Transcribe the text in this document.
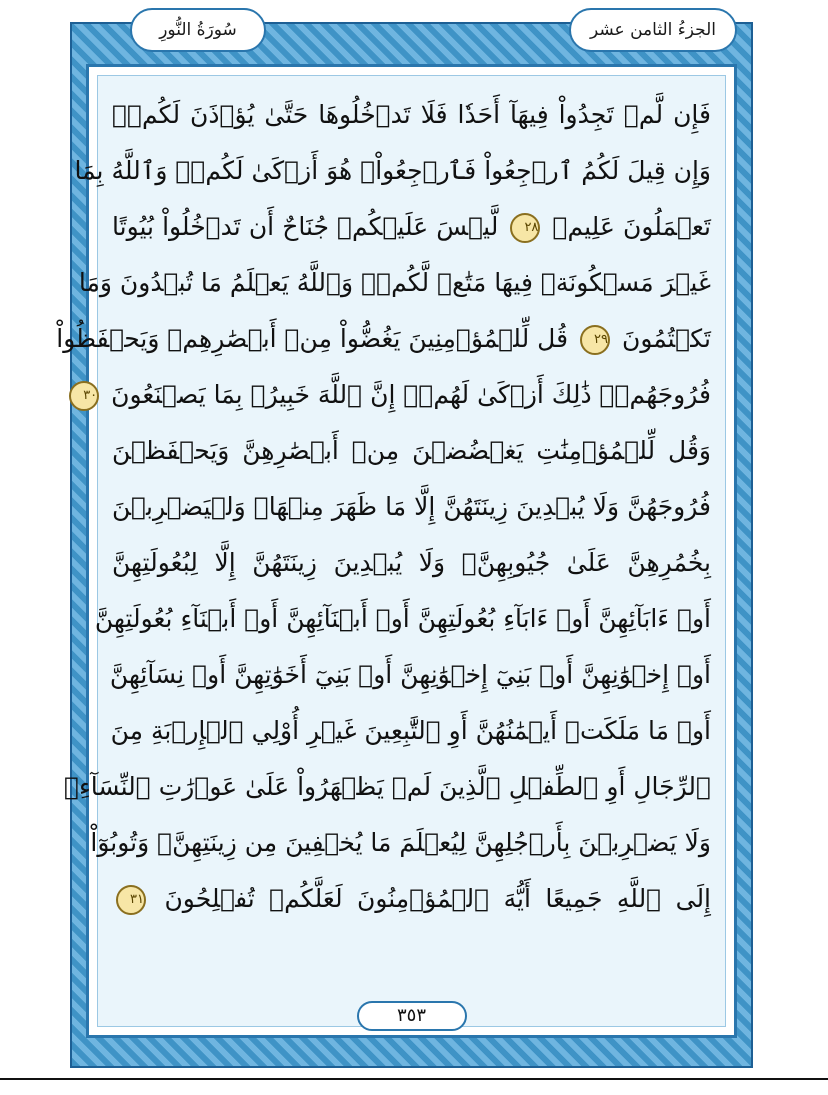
الجزءُ الثامن عشر
سُورَةُ النُّورِ
فَإِن لَّمۡ تَجِدُواْ فِيهَآ أَحَدٗا فَلَا تَدۡخُلُوهَا حَتَّىٰ يُؤۡذَنَ لَكُمۡۖ
وَإِن قِيلَ لَكُمُ ٱرۡجِعُواْ فَٱرۡجِعُواْۖ هُوَ أَزۡكَىٰ لَكُمۡۚ وَٱللَّهُ بِمَا
تَعۡمَلُونَ عَلِيمٞ ٢٨ لَّيۡسَ عَلَيۡكُمۡ جُنَاحٌ أَن تَدۡخُلُواْ بُيُوتًا
غَيۡرَ مَسۡكُونَةٖ فِيهَا مَتَٰعٞ لَّكُمۡۚ وَٱللَّهُ يَعۡلَمُ مَا تُبۡدُونَ وَمَا
تَكۡتُمُونَ ٢٩ قُل لِّلۡمُؤۡمِنِينَ يَغُضُّواْ مِنۡ أَبۡصَٰرِهِمۡ وَيَحۡفَظُواْ
فُرُوجَهُمۡۚ ذَٰلِكَ أَزۡكَىٰ لَهُمۡۚ إِنَّ ٱللَّهَ خَبِيرُۢ بِمَا يَصۡنَعُونَ ٣٠
وَقُل لِّلۡمُؤۡمِنَٰتِ يَغۡضُضۡنَ مِنۡ أَبۡصَٰرِهِنَّ وَيَحۡفَظۡنَ
فُرُوجَهُنَّ وَلَا يُبۡدِينَ زِينَتَهُنَّ إِلَّا مَا ظَهَرَ مِنۡهَاۖ وَلۡيَضۡرِبۡنَ
بِخُمُرِهِنَّ عَلَىٰ جُيُوبِهِنَّۖ وَلَا يُبۡدِينَ زِينَتَهُنَّ إِلَّا لِبُعُولَتِهِنَّ
أَوۡ ءَابَآئِهِنَّ أَوۡ ءَابَآءِ بُعُولَتِهِنَّ أَوۡ أَبۡنَآئِهِنَّ أَوۡ أَبۡنَآءِ بُعُولَتِهِنَّ
أَوۡ إِخۡوَٰنِهِنَّ أَوۡ بَنِيٓ إِخۡوَٰنِهِنَّ أَوۡ بَنِيٓ أَخَوَٰتِهِنَّ أَوۡ نِسَآئِهِنَّ
أَوۡ مَا مَلَكَتۡ أَيۡمَٰنُهُنَّ أَوِ ٱلتَّٰبِعِينَ غَيۡرِ أُوْلِي ٱلۡإِرۡبَةِ مِنَ
ٱلرِّجَالِ أَوِ ٱلطِّفۡلِ ٱلَّذِينَ لَمۡ يَظۡهَرُواْ عَلَىٰ عَوۡرَٰتِ ٱلنِّسَآءِۖ
وَلَا يَضۡرِبۡنَ بِأَرۡجُلِهِنَّ لِيُعۡلَمَ مَا يُخۡفِينَ مِن زِينَتِهِنَّۚ وَتُوبُوٓاْ
إِلَى ٱللَّهِ جَمِيعًا أَيُّهَ ٱلۡمُؤۡمِنُونَ لَعَلَّكُمۡ تُفۡلِحُونَ ٣١
٣٥٣
